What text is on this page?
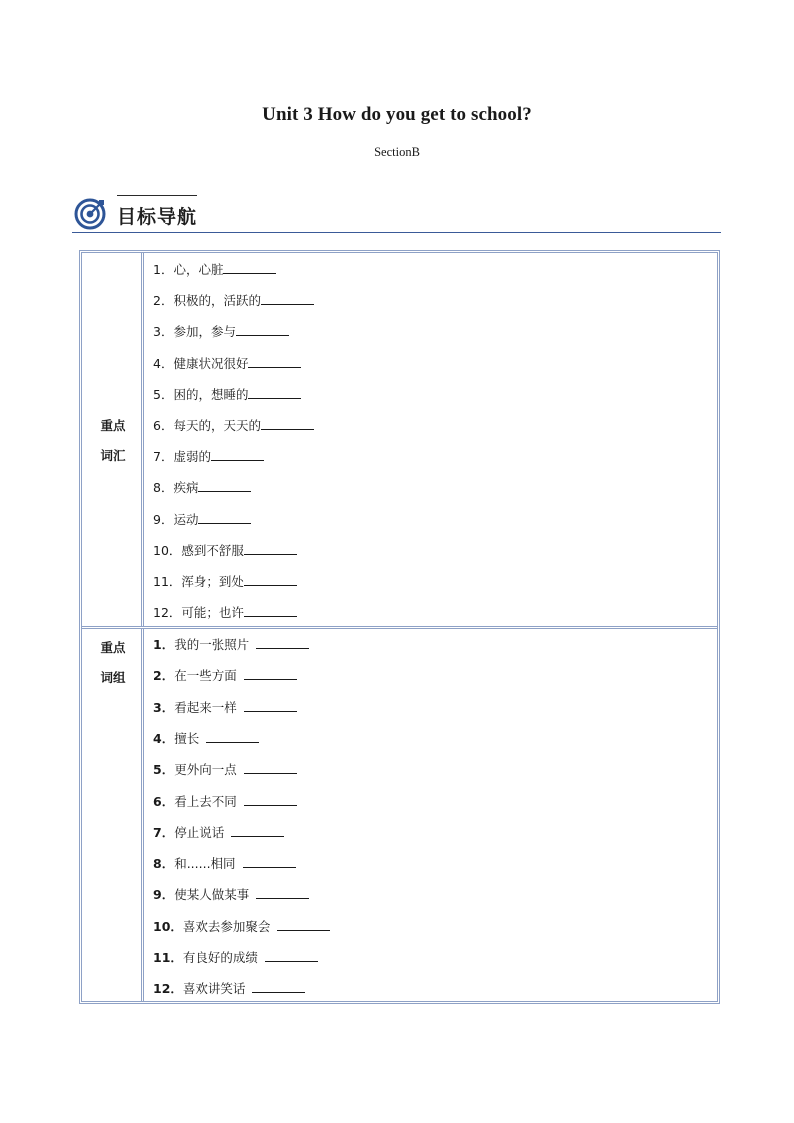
Unit 3 How do you get to school?
SectionB
目标导航
重点
词汇
1．心，心脏
2．积极的，活跃的
3．参加，参与
4．健康状况很好
5．困的，想睡的
6．每天的，天天的
7．虚弱的
8．疾病
9．运动
10．感到不舒服
11．浑身；到处
12．可能；也许
重点
词组
1．我的一张照片
2．在一些方面
3．看起来一样
4．擅长
5．更外向一点
6．看上去不同
7．停止说话
8．和......相同
9．使某人做某事
10．喜欢去参加聚会
11．有良好的成绩
12．喜欢讲笑话
